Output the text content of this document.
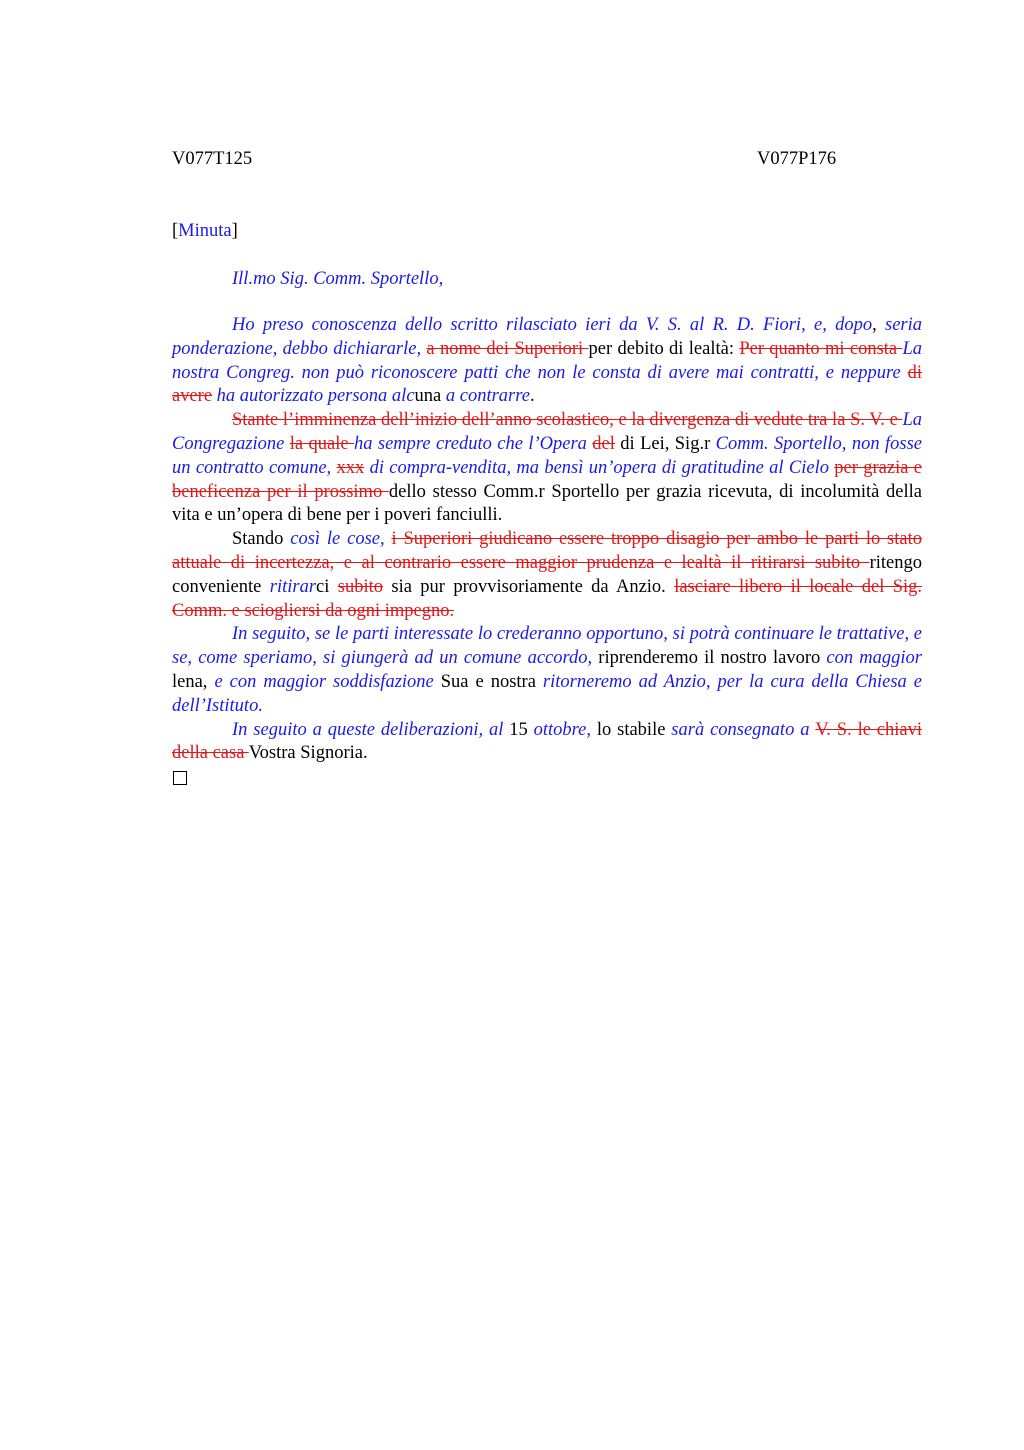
V077T125	V077P176
[Minuta]
Ill.mo Sig. Comm. Sportello,

Ho preso conoscenza dello scritto rilasciato ieri da V. S. al R. D. Fiori, e, dopo, seria ponderazione, debbo dichiararle, a nome dei Superiori per debito di lealtà: Per quanto mi consta La nostra Congreg. non può riconoscere patti che non le consta di avere mai contratti, e neppure di avere ha autorizzato persona alcuna a contrarre.

Stante l’imminenza dell’inizio dell’anno scolastico, e la divergenza di vedute tra la S. V. e La Congregazione la quale ha sempre creduto che l’Opera del di Lei, Sig.r Comm. Sportello, non fosse un contratto comune, xxx di compra-vendita, ma bensì un’opera di gratitudine al Cielo per grazia e beneficenza per il prossimo dello stesso Comm.r Sportello per grazia ricevuta, di incolumità della vita e un’opera di bene per i poveri fanciulli.

Stando così le cose, i Superiori giudicano essere troppo disagio per ambo le parti lo stato attuale di incertezza, e al contrario essere maggior prudenza e lealtà il ritirarsi subito ritengo conveniente ritirarci subito sia pur provvisoriamente da Anzio. lasciare libero il locale del Sig. Comm. e sciogliersi da ogni impegno.

In seguito, se le parti interessate lo crederanno opportuno, si potrà continuare le trattative, e se, come speriamo, si giungerà ad un comune accordo, riprenderemo il nostro lavoro con maggior lena, e con maggior soddisfazione Sua e nostra ritorneremo ad Anzio, per la cura della Chiesa e dell’Istituto.

In seguito a queste deliberazioni, al 15 ottobre, lo stabile sarà consegnato a V. S. le chiavi della casa Vostra Signoria.
